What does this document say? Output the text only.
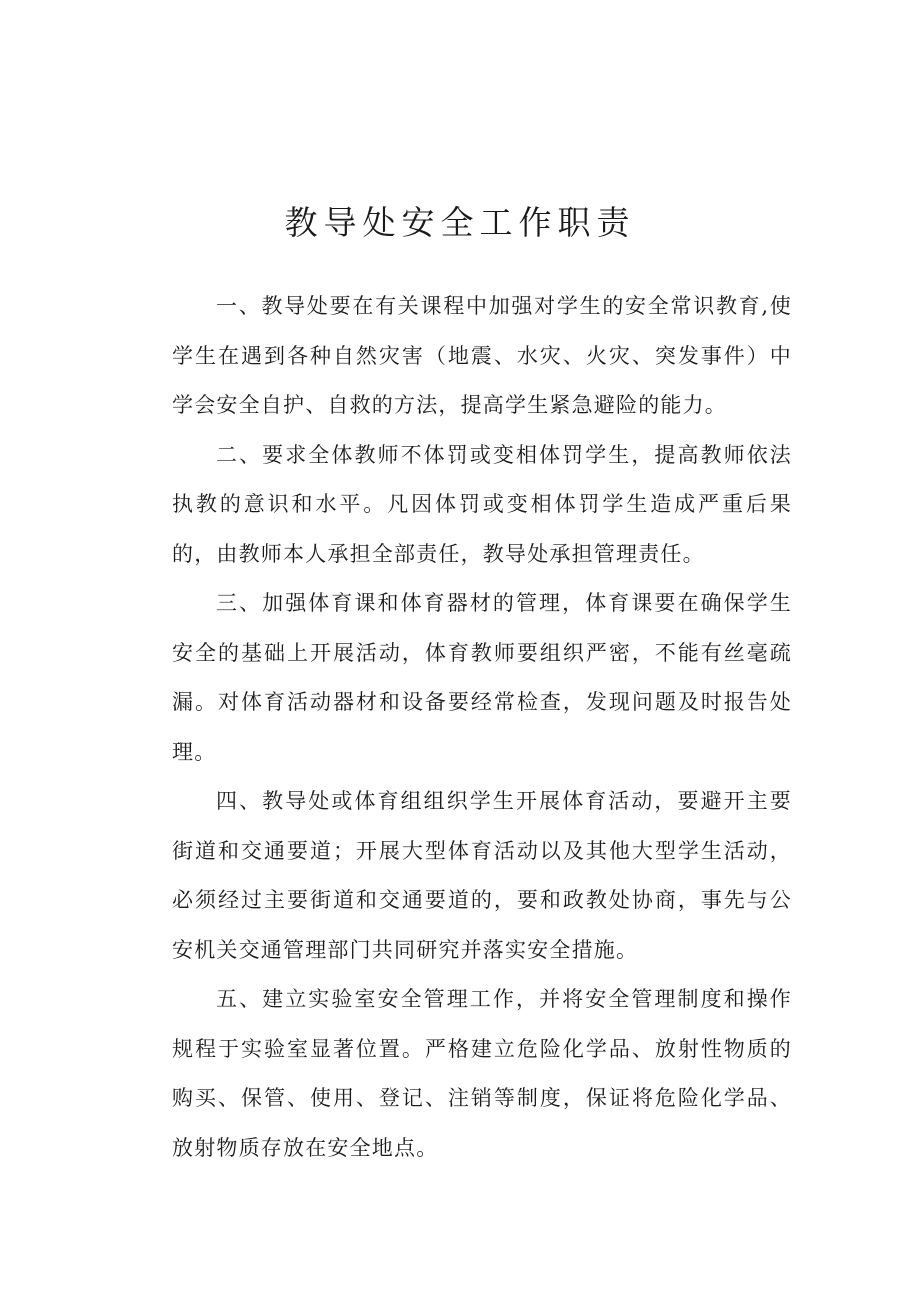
教导处安全工作职责

一、教导处要在有关课程中加强对学生的安全常识教育,使学生在遇到各种自然灾害（地震、水灾、火灾、突发事件）中学会安全自护、自救的方法，提高学生紧急避险的能力。

二、要求全体教师不体罚或变相体罚学生，提高教师依法执教的意识和水平。凡因体罚或变相体罚学生造成严重后果的，由教师本人承担全部责任，教导处承担管理责任。

三、加强体育课和体育器材的管理，体育课要在确保学生安全的基础上开展活动，体育教师要组织严密，不能有丝毫疏漏。对体育活动器材和设备要经常检查，发现问题及时报告处理。

四、教导处或体育组组织学生开展体育活动，要避开主要街道和交通要道；开展大型体育活动以及其他大型学生活动，必须经过主要街道和交通要道的，要和政教处协商，事先与公安机关交通管理部门共同研究并落实安全措施。

五、建立实验室安全管理工作，并将安全管理制度和操作规程于实验室显著位置。严格建立危险化学品、放射性物质的购买、保管、使用、登记、注销等制度，保证将危险化学品、放射物质存放在安全地点。
